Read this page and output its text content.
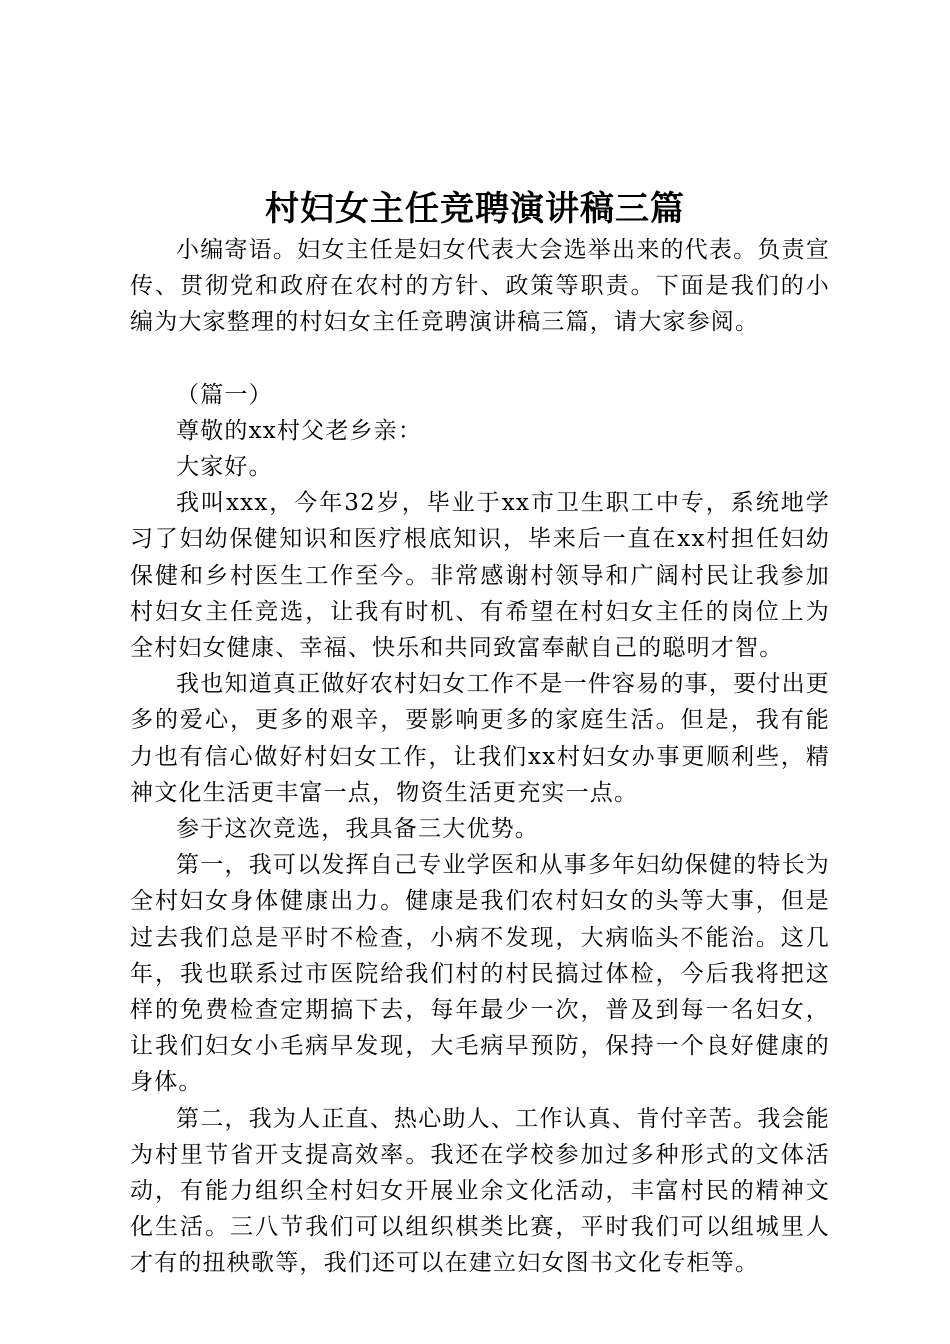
村妇女主任竞聘演讲稿三篇

小编寄语。妇女主任是妇女代表大会选举出来的代表。负责宣传、贯彻党和政府在农村的方针、政策等职责。下面是我们的小编为大家整理的村妇女主任竞聘演讲稿三篇，请大家参阅。

（篇一）

尊敬的xx村父老乡亲：

大家好。

我叫xxx，今年32岁，毕业于xx市卫生职工中专，系统地学习了妇幼保健知识和医疗根底知识，毕来后一直在xx村担任妇幼保健和乡村医生工作至今。非常感谢村领导和广阔村民让我参加村妇女主任竞选，让我有时机、有希望在村妇女主任的岗位上为全村妇女健康、幸福、快乐和共同致富奉献自己的聪明才智。

我也知道真正做好农村妇女工作不是一件容易的事，要付出更多的爱心，更多的艰辛，要影响更多的家庭生活。但是，我有能力也有信心做好村妇女工作，让我们xx村妇女办事更顺利些，精神文化生活更丰富一点，物资生活更充实一点。

参于这次竞选，我具备三大优势。

第一，我可以发挥自己专业学医和从事多年妇幼保健的特长为全村妇女身体健康出力。健康是我们农村妇女的头等大事，但是过去我们总是平时不检查，小病不发现，大病临头不能治。这几年，我也联系过市医院给我们村的村民搞过体检，今后我将把这样的免费检查定期搞下去，每年最少一次，普及到每一名妇女，让我们妇女小毛病早发现，大毛病早预防，保持一个良好健康的身体。

第二，我为人正直、热心助人、工作认真、肯付辛苦。我会能为村里节省开支提高效率。我还在学校参加过多种形式的文体活动，有能力组织全村妇女开展业余文化活动，丰富村民的精神文化生活。三八节我们可以组织棋类比赛，平时我们可以组城里人才有的扭秧歌等，我们还可以在建立妇女图书文化专柜等。
